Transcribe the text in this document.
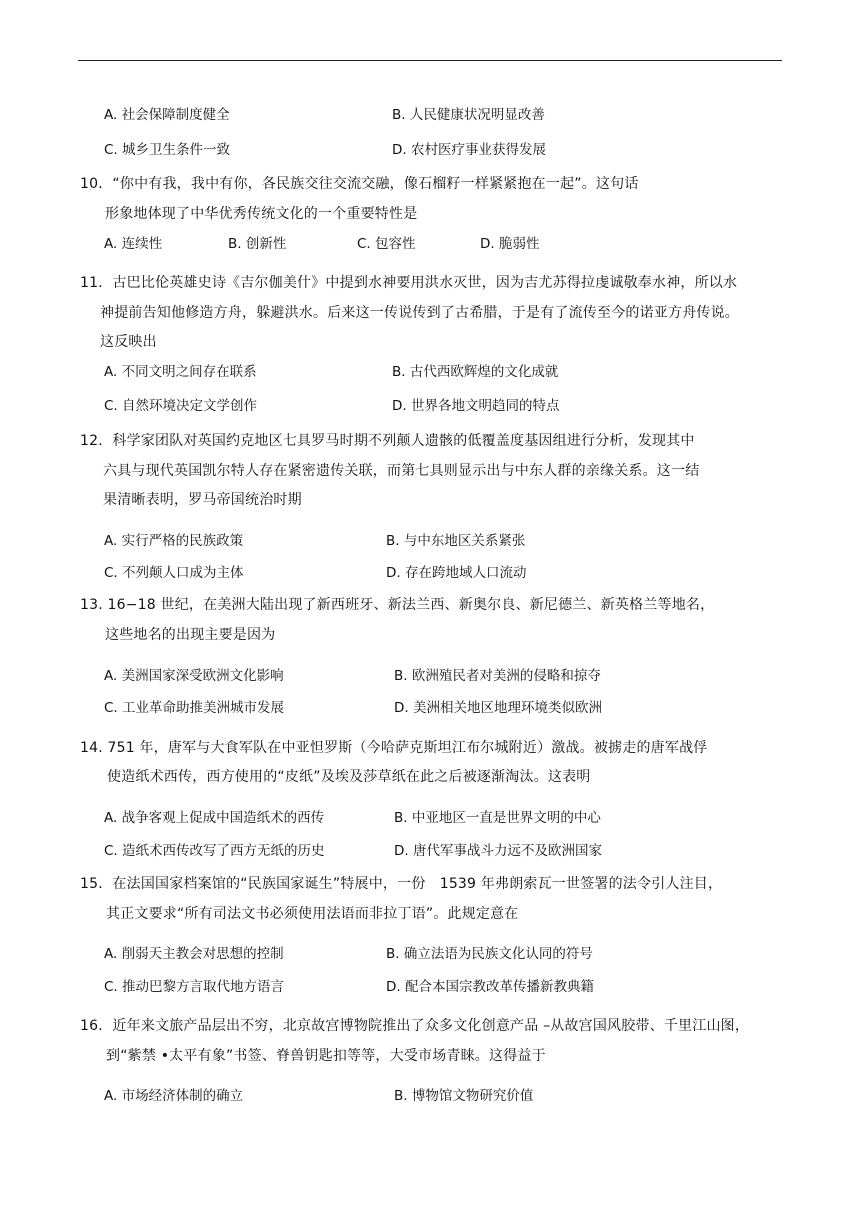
A. 社会保障制度健全	B. 人民健康状况明显改善
C. 城乡卫生条件一致	D. 农村医疗事业获得发展
10．“你中有我，我中有你，各民族交往交流交融，像石榴籽一样紧紧抱在一起”。这句话
形象地体现了中华优秀传统文化的一个重要特性是
A. 连续性	B. 创新性	C. 包容性	D. 脆弱性
11．古巴比伦英雄史诗《吉尔伽美什》中提到水神要用洪水灭世，因为吉尤苏得拉虔诚敬奉水神，所以水
神提前告知他修造方舟，躲避洪水。后来这一传说传到了古希腊，于是有了流传至今的诺亚方舟传说。
这反映出
A. 不同文明之间存在联系	B. 古代西欧辉煌的文化成就
C. 自然环境决定文学创作	D. 世界各地文明趋同的特点
12．科学家团队对英国约克地区七具罗马时期不列颠人遗骸的低覆盖度基因组进行分析，发现其中
六具与现代英国凯尔特人存在紧密遗传关联，而第七具则显示出与中东人群的亲缘关系。这一结
果清晰表明，罗马帝国统治时期
A. 实行严格的民族政策	B. 与中东地区关系紧张
C. 不列颠人口成为主体	D. 存在跨地域人口流动
13. 16−18 世纪，在美洲大陆出现了新西班牙、新法兰西、新奥尔良、新尼德兰、新英格兰等地名，
这些地名的出现主要是因为
A. 美洲国家深受欧洲文化影响	B. 欧洲殖民者对美洲的侵略和掠夺
C. 工业革命助推美洲城市发展	D. 美洲相关地区地理环境类似欧洲
14. 751 年，唐军与大食军队在中亚怛罗斯（今哈萨克斯坦江布尔城附近）激战。被掳走的唐军战俘
使造纸术西传，西方使用的“皮纸”及埃及莎草纸在此之后被逐渐淘汰。这表明
A. 战争客观上促成中国造纸术的西传	B. 中亚地区一直是世界文明的中心
C. 造纸术西传改写了西方无纸的历史	D. 唐代军事战斗力远不及欧洲国家
15．在法国国家档案馆的“民族国家诞生”特展中，一份　1539 年弗朗索瓦一世签署的法令引人注目，
其正文要求“所有司法文书必须使用法语而非拉丁语”。此规定意在
A. 削弱天主教会对思想的控制	B. 确立法语为民族文化认同的符号
C. 推动巴黎方言取代地方语言	D. 配合本国宗教改革传播新教典籍
16．近年来文旅产品层出不穷，北京故宫博物院推出了众多文化创意产品 –从故宫国风胶带、千里江山图，
到“紫禁 •太平有象”书签、脊兽钥匙扣等等，大受市场青睐。这得益于
A. 市场经济体制的确立	B. 博物馆文物研究价值
